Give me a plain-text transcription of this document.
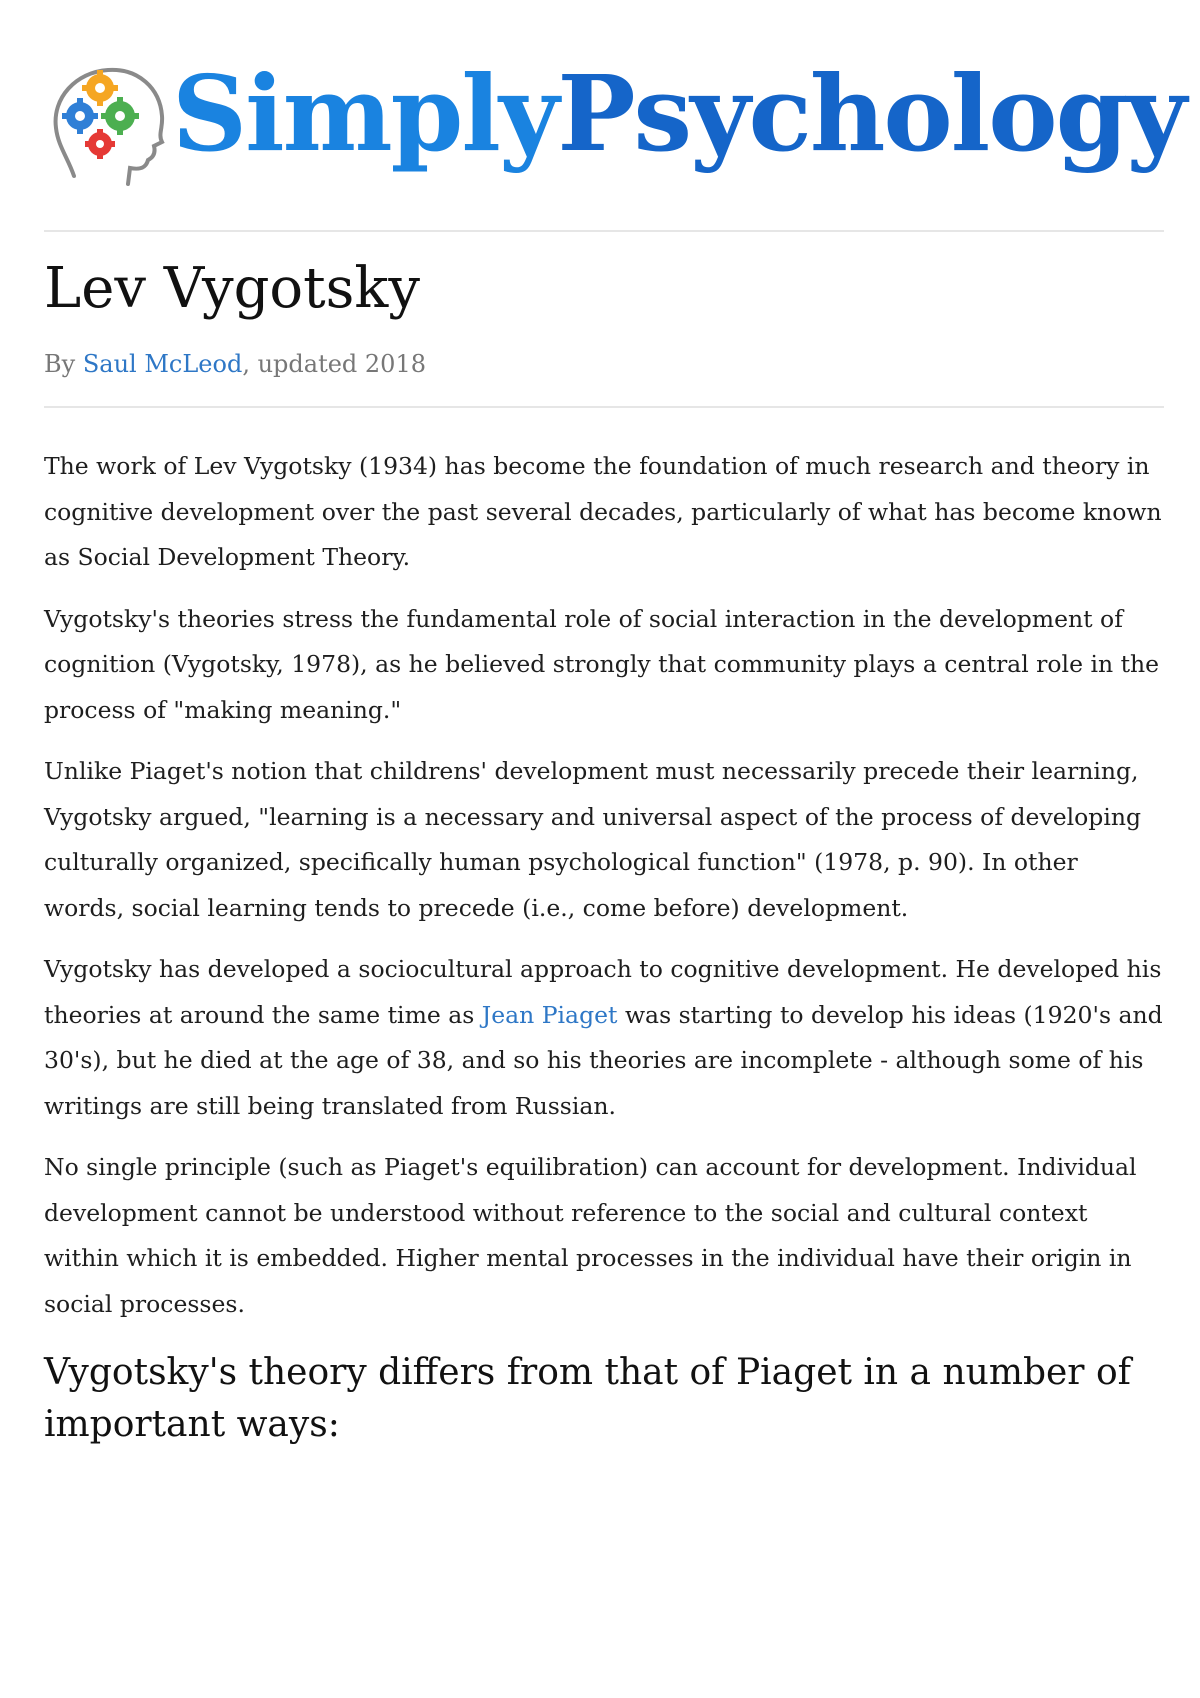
SimplyPsychology
Lev Vygotsky
By Saul McLeod, updated 2018

The work of Lev Vygotsky (1934) has become the foundation of much research and theory in cognitive development over the past several decades, particularly of what has become known as Social Development Theory.

Vygotsky's theories stress the fundamental role of social interaction in the development of cognition (Vygotsky, 1978), as he believed strongly that community plays a central role in the process of "making meaning."

Unlike Piaget's notion that childrens' development must necessarily precede their learning, Vygotsky argued, "learning is a necessary and universal aspect of the process of developing culturally organized, specifically human psychological function" (1978, p. 90). In other words, social learning tends to precede (i.e., come before) development.

Vygotsky has developed a sociocultural approach to cognitive development. He developed his theories at around the same time as Jean Piaget was starting to develop his ideas (1920's and 30's), but he died at the age of 38, and so his theories are incomplete - although some of his writings are still being translated from Russian.

No single principle (such as Piaget's equilibration) can account for development. Individual development cannot be understood without reference to the social and cultural context within which it is embedded. Higher mental processes in the individual have their origin in social processes.

Vygotsky's theory differs from that of Piaget in a number of important ways:
